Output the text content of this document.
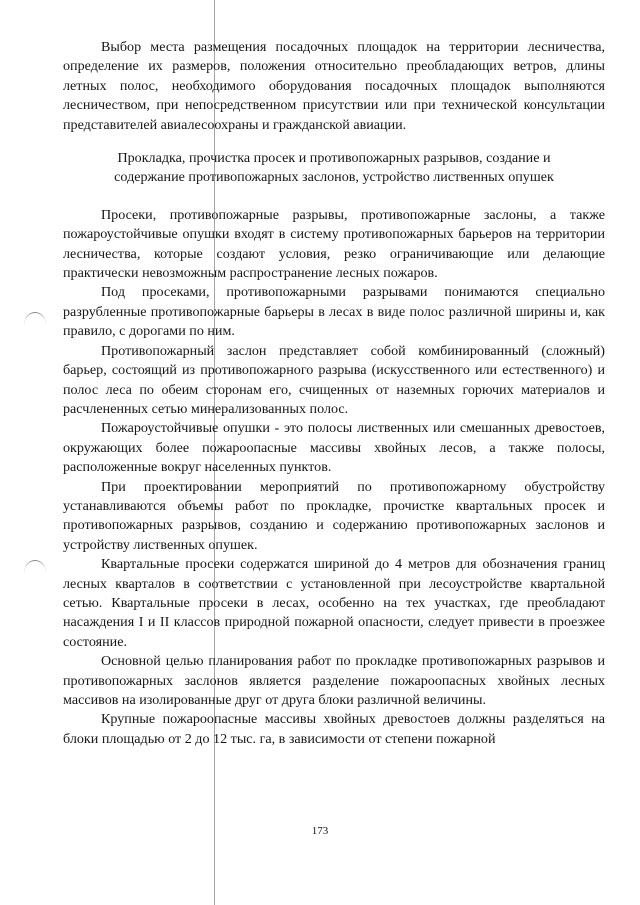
Выбор места размещения посадочных площадок на территории лесничества, определение их размеров, положения относительно преобладающих ветров, длины летных полос, необходимого оборудования посадочных площадок выполняются лесничеством, при непосредственном присутствии или при технической консультации представителей авиалесоохраны и гражданской авиации.

Прокладка, прочистка просек и противопожарных разрывов, создание и содержание противопожарных заслонов, устройство лиственных опушек

Просеки, противопожарные разрывы, противопожарные заслоны, а также пожароустойчивые опушки входят в систему противопожарных барьеров на территории лесничества, которые создают условия, резко ограничивающие или делающие практически невозможным распространение лесных пожаров.

Под просеками, противопожарными разрывами понимаются специально разрубленные противопожарные барьеры в лесах в виде полос различной ширины и, как правило, с дорогами по ним.

Противопожарный заслон представляет собой комбинированный (сложный) барьер, состоящий из противопожарного разрыва (искусственного или естественного) и полос леса по обеим сторонам его, счищенных от наземных горючих материалов и расчлененных сетью минерализованных полос.

Пожароустойчивые опушки - это полосы лиственных или смешанных древостоев, окружающих более пожароопасные массивы хвойных лесов, а также полосы, расположенные вокруг населенных пунктов.

При проектировании мероприятий по противопожарному обустройству устанавливаются объемы работ по прокладке, прочистке квартальных просек и противопожарных разрывов, созданию и содержанию противопожарных заслонов и устройству лиственных опушек.

Квартальные просеки содержатся шириной до 4 метров для обозначения границ лесных кварталов в соответствии с установленной при лесоустройстве квартальной сетью. Квартальные просеки в лесах, особенно на тех участках, где преобладают насаждения I и II классов природной пожарной опасности, следует привести в проезжее состояние.

Основной целью планирования работ по прокладке противопожарных разрывов и противопожарных заслонов является разделение пожароопасных хвойных лесных массивов на изолированные друг от друга блоки различной величины.

Крупные пожароопасные массивы хвойных древостоев должны разделяться на блоки площадью от 2 до 12 тыс. га, в зависимости от степени пожарной

173
